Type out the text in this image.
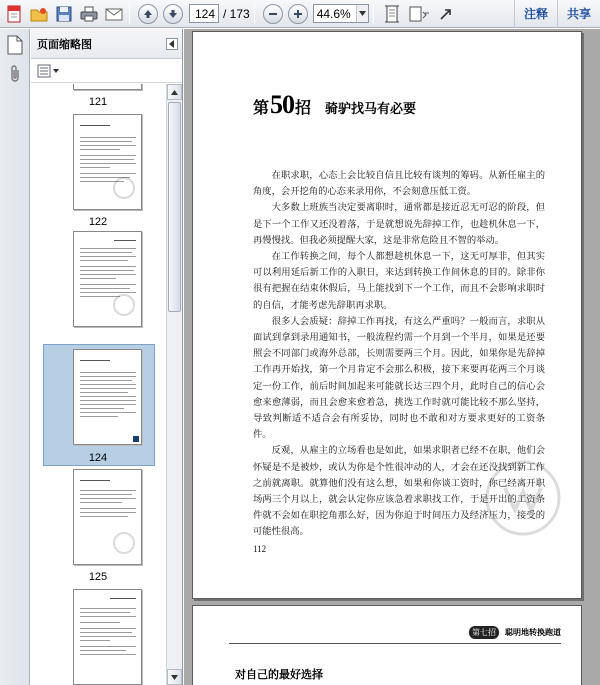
124
/ 173	44.6%	注释	共享
页面缩略图
121
122
124
125
第 50 招 骑驴找马有必要

在职求职，心态上会比较自信且比较有谈判的筹码。从新任雇主的角度，会开挖角的心态来录用你，不会刻意压低工资。

大多数上班族当决定要离职时，通常都是接近忍无可忍的阶段，但是下一个工作又还没着落，于是就想说先辞掉工作，也趁机休息一下，再慢慢找。但我必须提醒大家，这是非常危险且不智的举动。

在工作转换之间，每个人都想趁机休息一下，这无可厚非，但其实可以利用延后新工作的入职日，来达到转换工作间休息的目的。除非你很有把握在结束休假后，马上能找到下一个工作，而且不会影响求职时的自信，才能考虑先辞职再求职。

很多人会质疑：辞掉工作再找，有这么严重吗？一般而言，求职从面试到拿到录用通知书，一般流程约需一个月到一个半月，如果是还要照会不同部门或海外总部，长则需要两三个月。因此，如果你是先辞掉工作再开始找，第一个月肯定不会那么积极，接下来要再花两三个月谈定一份工作，前后时间加起来可能就长达三四个月，此时自己的信心会愈来愈薄弱，而且会愈来愈着急，挑选工作时就可能比较不那么坚持，导致判断适不适合会有所妥协，同时也不敢和对方要求更好的工资条件。

反观，从雇主的立场看也是如此，如果求职者已经不在职，他们会怀疑是不是被炒，或认为你是个性很冲动的人，才会在还没找到新工作之前就离职。就算他们没有这么想，如果和你谈工资时，你已经离开职场两三个月以上，就会认定你应该急着求职找工作，于是开出的工资条件就不会如在职挖角那么好，因为你迫于时间压力及经济压力，接受的可能性很高。

112
第七招	聪明地转换跑道
对自己的最好选择
